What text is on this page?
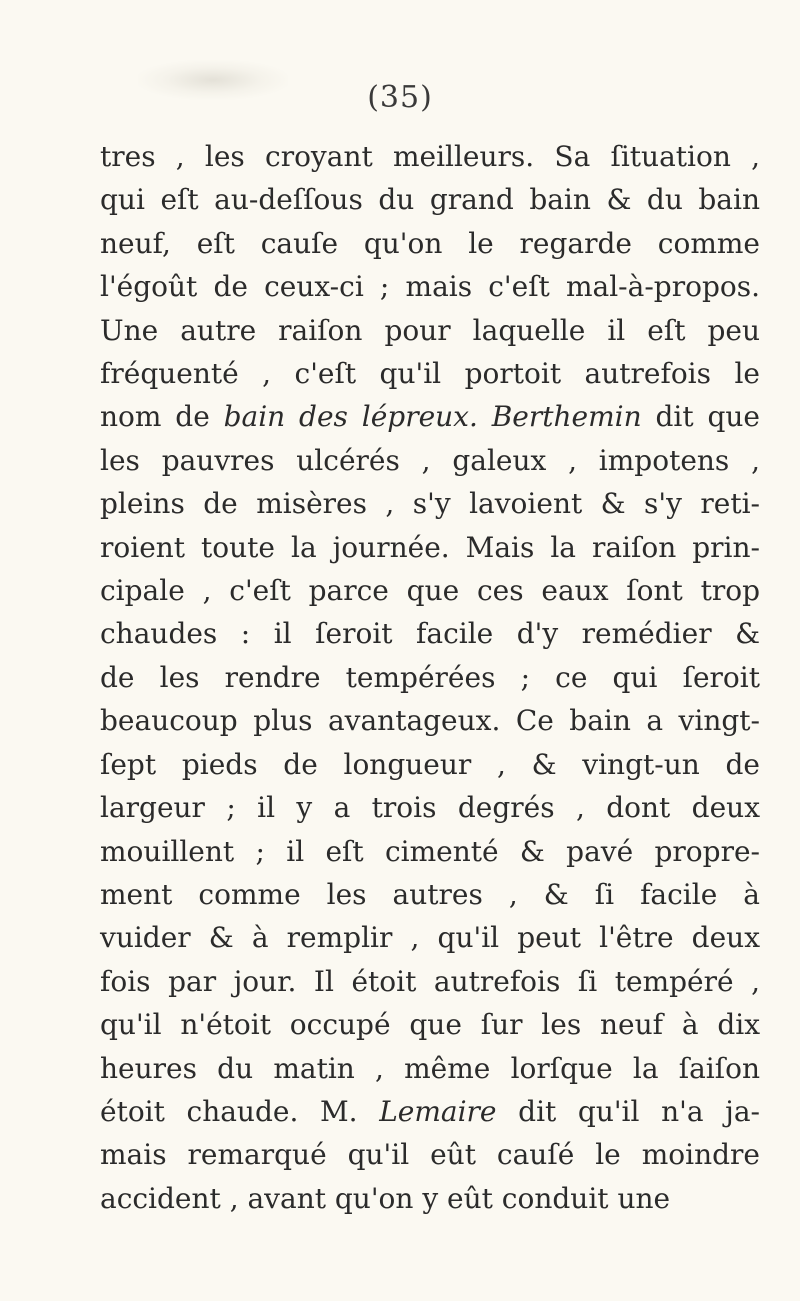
(35)
tres , les croyant meilleurs. Sa ſituation ,
qui eſt au-deſſous du grand bain & du bain
neuf, eſt cauſe qu'on le regarde comme
l'égoût de ceux-ci ; mais c'eſt mal-à-propos.
Une autre raiſon pour laquelle il eſt peu
fréquenté , c'eſt qu'il portoit autrefois le
nom de bain des lépreux. Berthemin dit que
les pauvres ulcérés , galeux , impotens ,
pleins de misères , s'y lavoient & s'y reti-
roient toute la journée. Mais la raiſon prin-
cipale , c'eſt parce que ces eaux ſont trop
chaudes : il ſeroit facile d'y remédier &
de les rendre tempérées ; ce qui ſeroit
beaucoup plus avantageux. Ce bain a vingt-
ſept pieds de longueur , & vingt-un de
largeur ; il y a trois degrés , dont deux
mouillent ; il eſt cimenté & pavé propre-
ment comme les autres , & ſi facile à
vuider & à remplir , qu'il peut l'être deux
fois par jour. Il étoit autrefois ſi tempéré ,
qu'il n'étoit occupé que ſur les neuf à dix
heures du matin , même lorſque la ſaiſon
étoit chaude. M. Lemaire dit qu'il n'a ja-
mais remarqué qu'il eût cauſé le moindre
accident , avant qu'on y eût conduit une
